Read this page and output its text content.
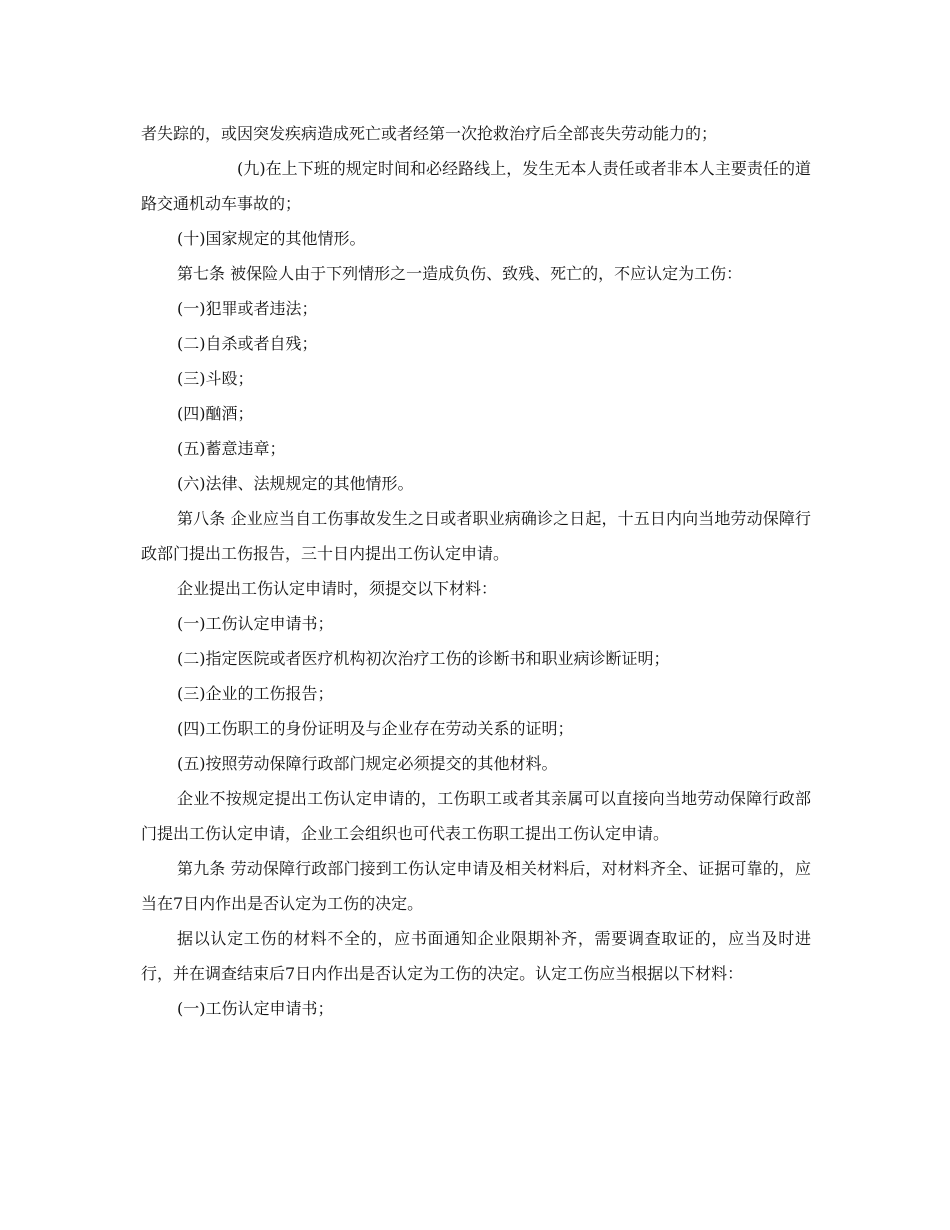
者失踪的，或因突发疾病造成死亡或者经第一次抢救治疗后全部丧失劳动能力的；

(九)在上下班的规定时间和必经路线上，发生无本人责任或者非本人主要责任的道路交通机动车事故的；

(十)国家规定的其他情形。

第七条 被保险人由于下列情形之一造成负伤、致残、死亡的，不应认定为工伤：

(一)犯罪或者违法；

(二)自杀或者自残；

(三)斗殴；

(四)酗酒；

(五)蓄意违章；

(六)法律、法规规定的其他情形。

第八条 企业应当自工伤事故发生之日或者职业病确诊之日起，十五日内向当地劳动保障行政部门提出工伤报告，三十日内提出工伤认定申请。

企业提出工伤认定申请时，须提交以下材料：

(一)工伤认定申请书；

(二)指定医院或者医疗机构初次治疗工伤的诊断书和职业病诊断证明；

(三)企业的工伤报告；

(四)工伤职工的身份证明及与企业存在劳动关系的证明；

(五)按照劳动保障行政部门规定必须提交的其他材料。

企业不按规定提出工伤认定申请的，工伤职工或者其亲属可以直接向当地劳动保障行政部门提出工伤认定申请，企业工会组织也可代表工伤职工提出工伤认定申请。

第九条 劳动保障行政部门接到工伤认定申请及相关材料后，对材料齐全、证据可靠的，应当在7日内作出是否认定为工伤的决定。

据以认定工伤的材料不全的，应书面通知企业限期补齐，需要调查取证的，应当及时进行，并在调查结束后7日内作出是否认定为工伤的决定。认定工伤应当根据以下材料：

(一)工伤认定申请书；
